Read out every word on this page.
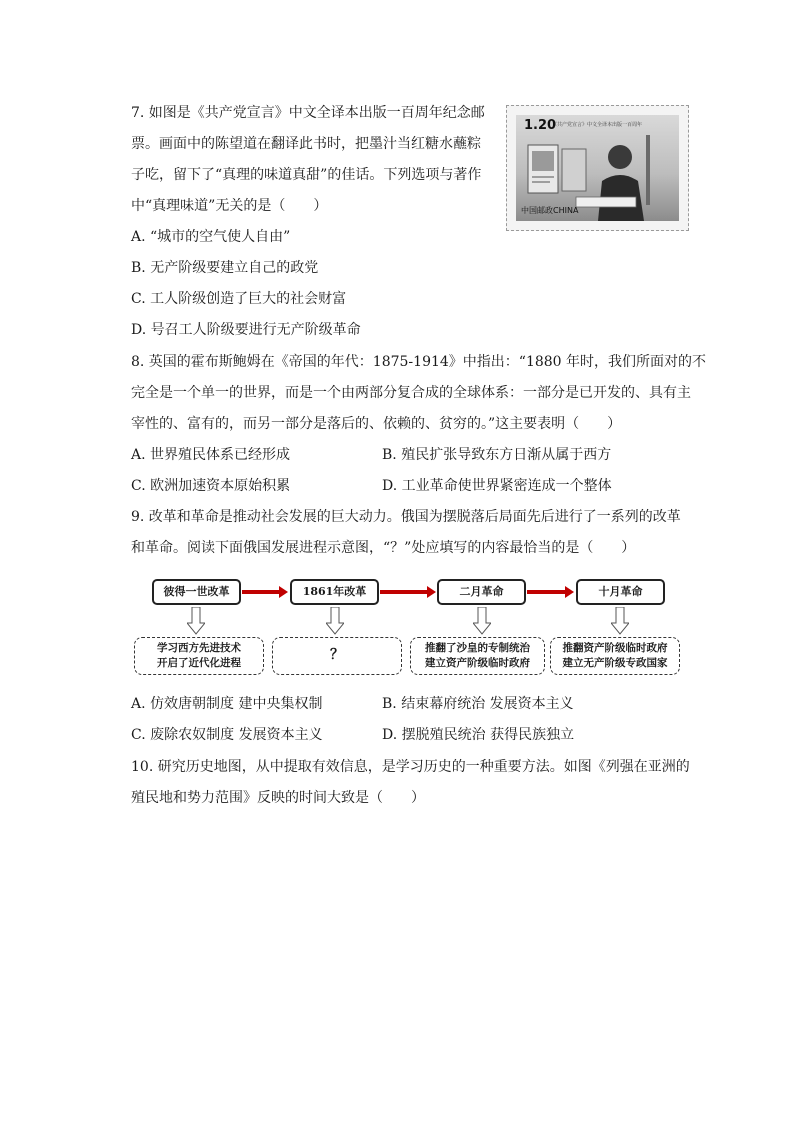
7. 如图是《共产党宣言》中文全译本出版一百周年纪念邮
票。画面中的陈望道在翻译此书时，把墨汁当红糖水蘸粽
子吃，留下了“真理的味道真甜”的佳话。下列选项与著作
中“真理味道”无关的是（　　）
1.20
《共产党宣言》中文全译本出版一百周年
中国邮政CHINA
A. “城市的空气使人自由”
B. 无产阶级要建立自己的政党
C. 工人阶级创造了巨大的社会财富
D. 号召工人阶级要进行无产阶级革命
8. 英国的霍布斯鲍姆在《帝国的年代：1875-1914》中指出：“1880 年时，我们所面对的不
完全是一个单一的世界，而是一个由两部分复合成的全球体系：一部分是已开发的、具有主
宰性的、富有的，而另一部分是落后的、依赖的、贫穷的。”这主要表明（　　）
A. 世界殖民体系已经形成	B. 殖民扩张导致东方日渐从属于西方
C. 欧洲加速资本原始积累	D. 工业革命使世界紧密连成一个整体
9. 改革和革命是推动社会发展的巨大动力。俄国为摆脱落后局面先后进行了一系列的改革
和革命。阅读下面俄国发展进程示意图，“？”处应填写的内容最恰当的是（　　）
彼得一世改革	1861年改革	二月革命	十月革命
学习西方先进技术
开启了近代化进程	？	推翻了沙皇的专制统治
建立资产阶级临时政府
推翻资产阶级临时政府
建立无产阶级专政国家
A. 仿效唐朝制度 建中央集权制	B. 结束幕府统治 发展资本主义
C. 废除农奴制度 发展资本主义	D. 摆脱殖民统治 获得民族独立
10. 研究历史地图，从中提取有效信息，是学习历史的一种重要方法。如图《列强在亚洲的
殖民地和势力范围》反映的时间大致是（　　）
